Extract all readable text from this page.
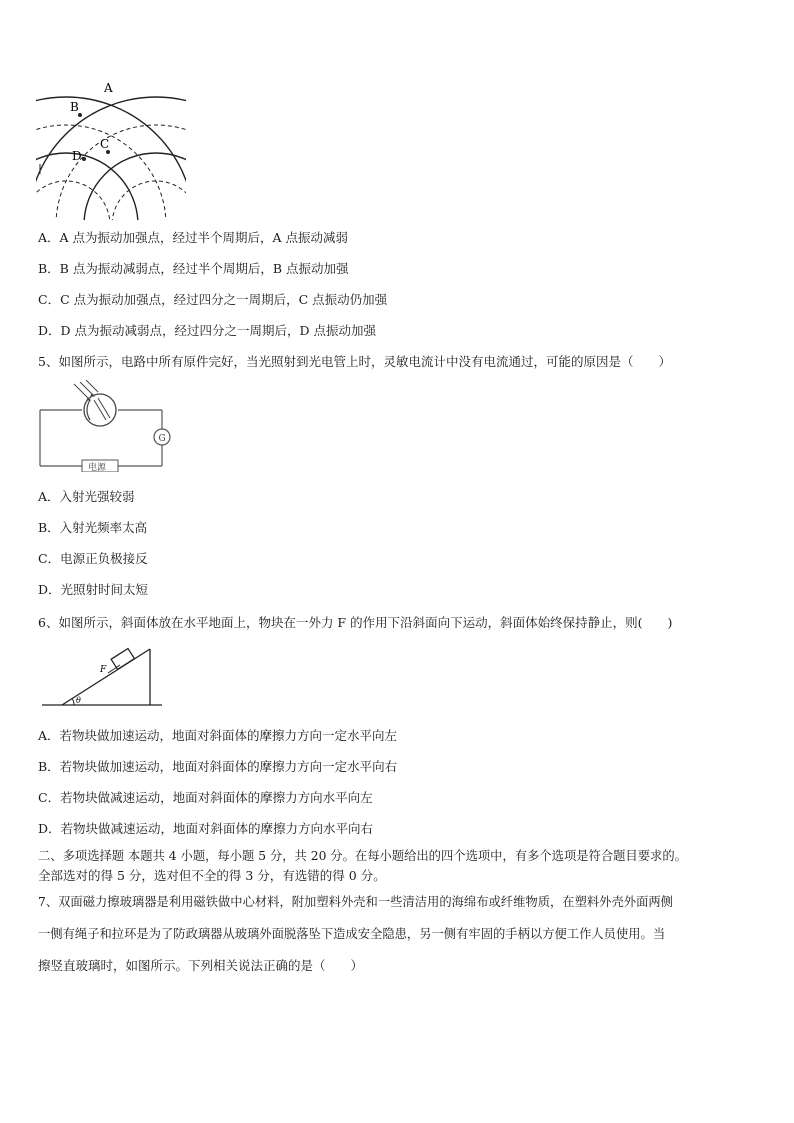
A
B
C
D
A．A 点为振动加强点，经过半个周期后，A 点振动减弱
B．B 点为振动减弱点，经过半个周期后，B 点振动加强
C．C 点为振动加强点，经过四分之一周期后，C 点振动仍加强
D．D 点为振动减弱点，经过四分之一周期后，D 点振动加强
5、如图所示，电路中所有原件完好，当光照射到光电管上时，灵敏电流计中没有电流通过，可能的原因是（　　）
G
电源
A．入射光强较弱
B．入射光频率太高
C．电源正负极接反
D．光照射时间太短
6、如图所示，斜面体放在水平地面上，物块在一外力 F 的作用下沿斜面向下运动，斜面体始终保持静止，则(　　)
F
θ
A．若物块做加速运动，地面对斜面体的摩擦力方向一定水平向左
B．若物块做加速运动，地面对斜面体的摩擦力方向一定水平向右
C．若物块做减速运动，地面对斜面体的摩擦力方向水平向左
D．若物块做减速运动，地面对斜面体的摩擦力方向水平向右
二、多项选择题 本题共 4 小题，每小题 5 分，共 20 分。在每小题给出的四个选项中，有多个选项是符合题目要求的。
全部选对的得 5 分，选对但不全的得 3 分，有选错的得 0 分。
7、双面磁力擦玻璃器是利用磁铁做中心材料，附加塑料外壳和一些清洁用的海绵布或纤维物质，在塑料外壳外面两侧
一侧有绳子和拉环是为了防政璃器从玻璃外面脱落坠下造成安全隐患，另一侧有牢固的手柄以方便工作人员使用。当
擦竖直玻璃时，如图所示。下列相关说法正确的是（　　）
